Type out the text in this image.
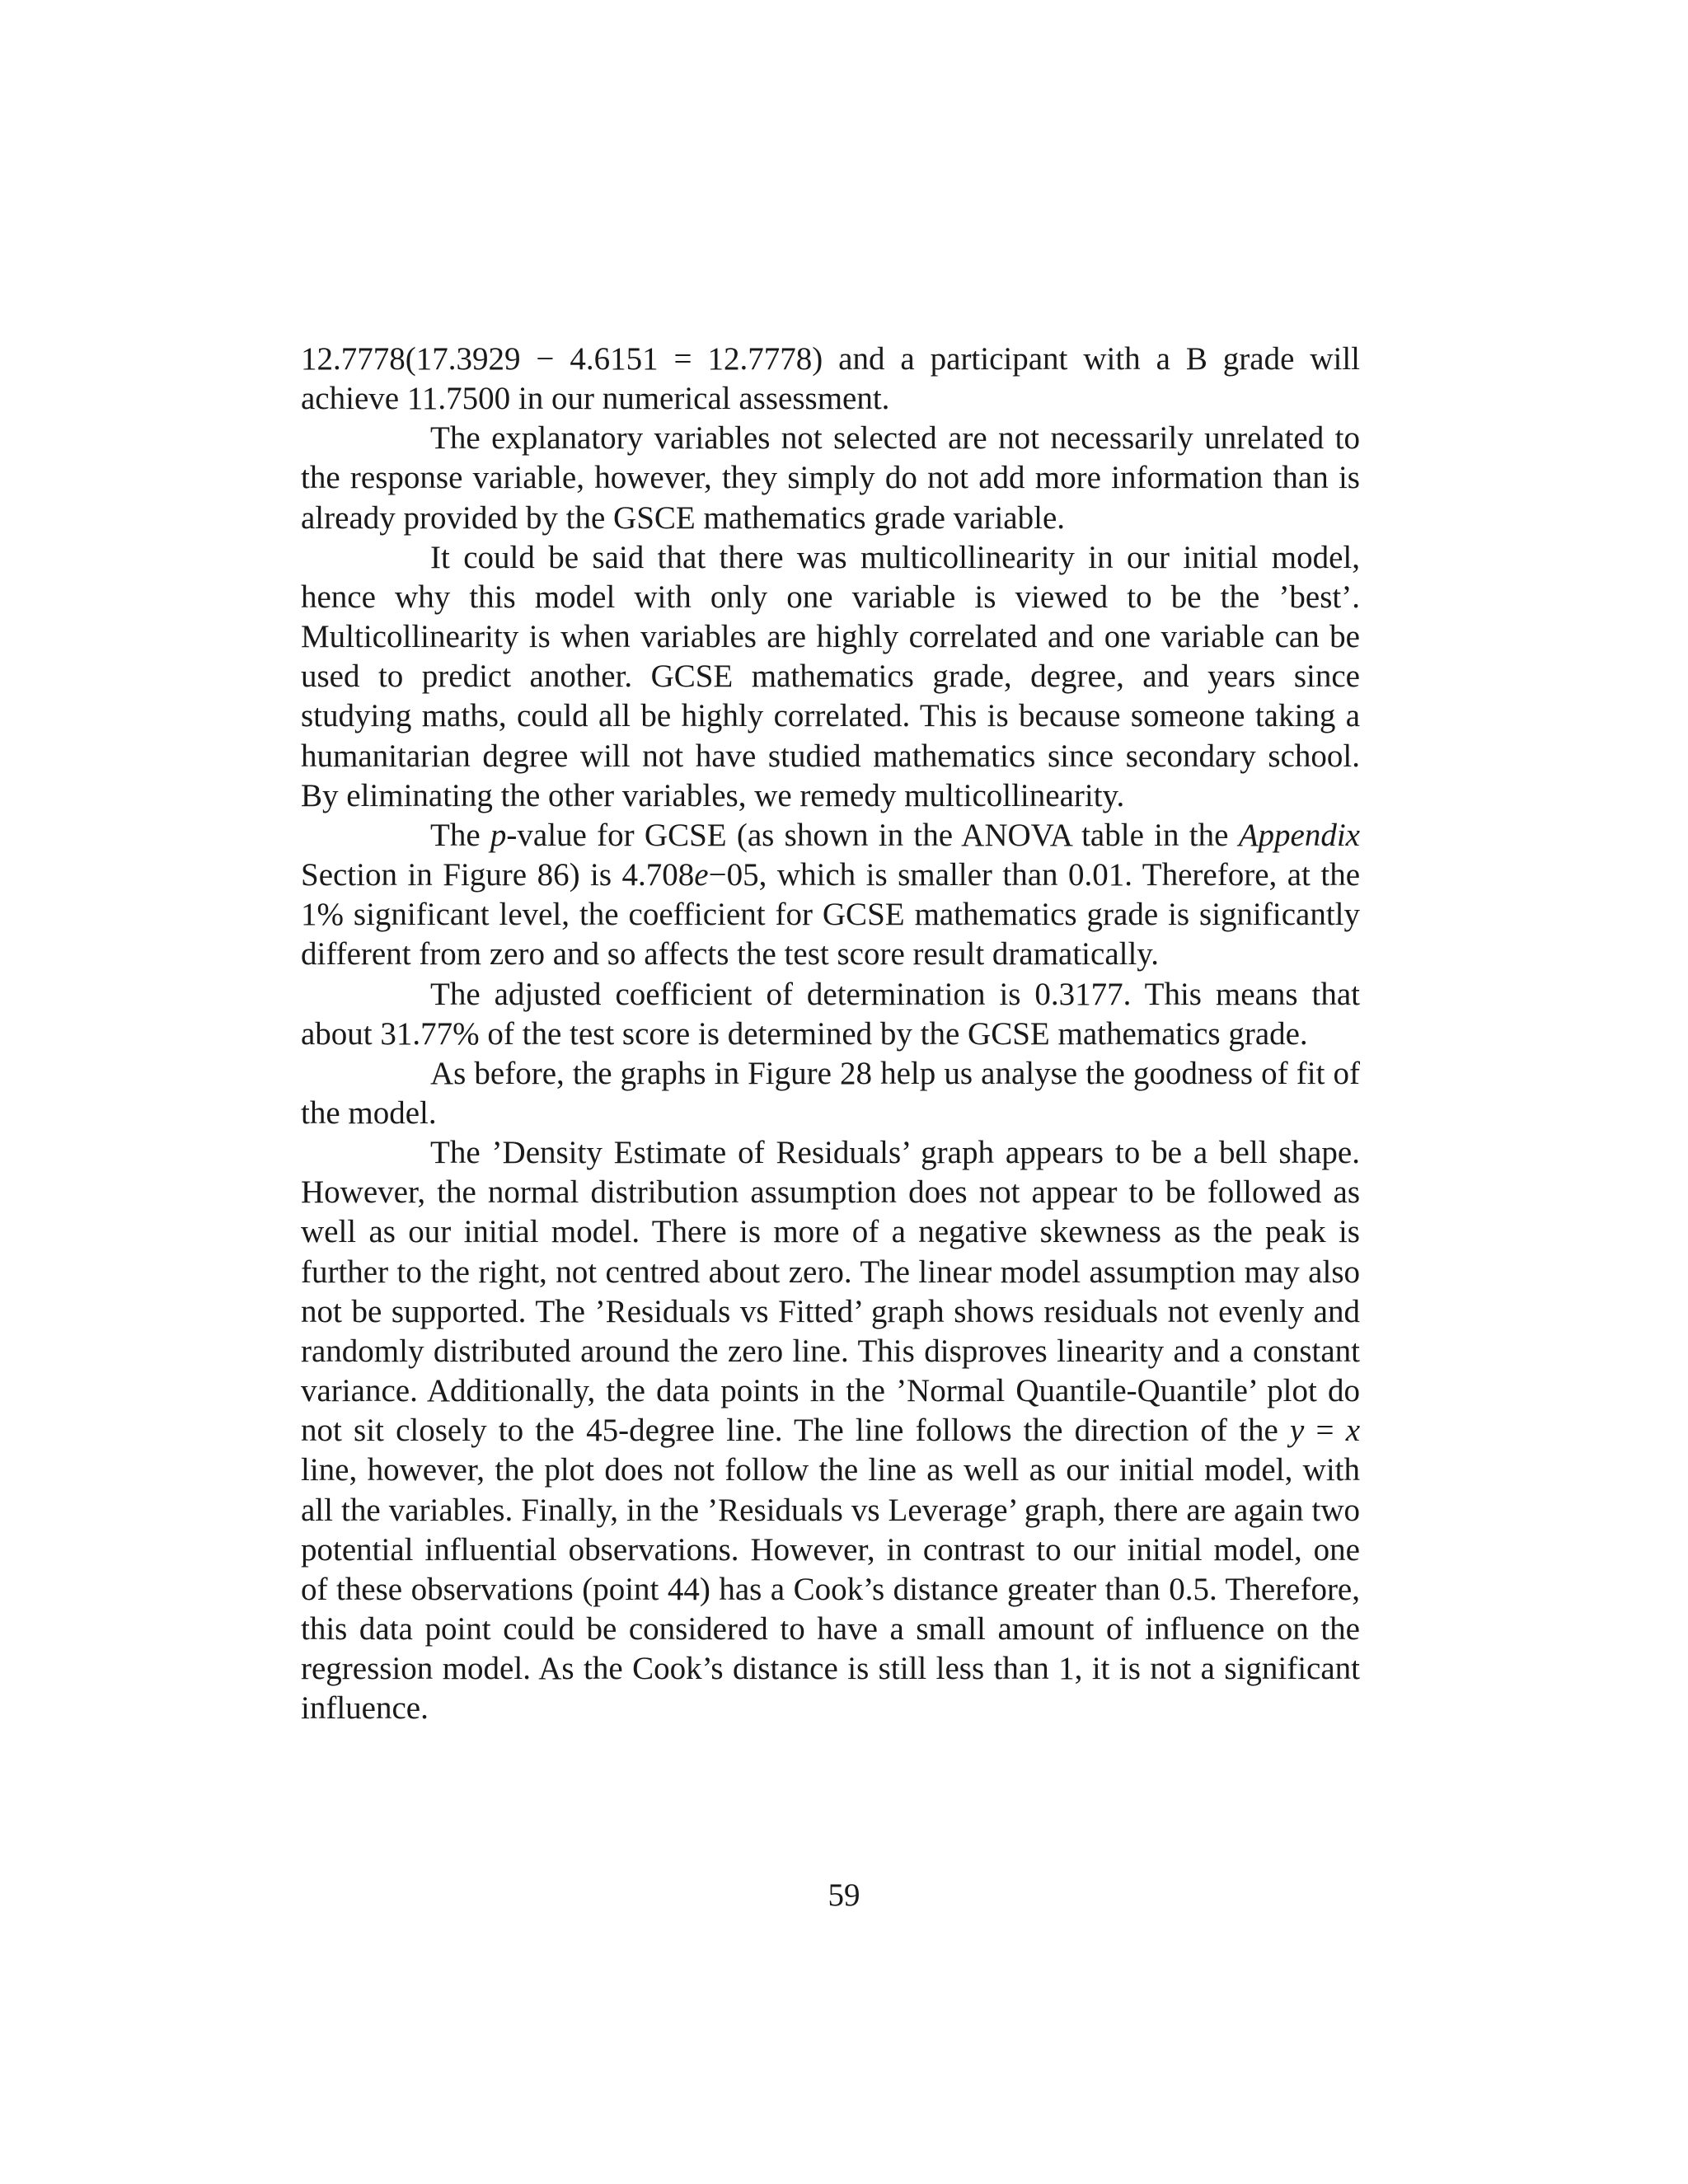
12.7778(17.3929 − 4.6151 = 12.7778) and a participant with a B grade will achieve 11.7500 in our numerical assessment.

The explanatory variables not selected are not necessarily unrelated to the response variable, however, they simply do not add more information than is already provided by the GSCE mathematics grade variable.

It could be said that there was multicollinearity in our initial model, hence why this model with only one variable is viewed to be the ’best’. Multicollinearity is when variables are highly correlated and one variable can be used to predict another. GCSE mathematics grade, degree, and years since studying maths, could all be highly correlated. This is because someone taking a humanitarian degree will not have studied mathematics since secondary school. By eliminating the other variables, we remedy multicollinearity.

The p-value for GCSE (as shown in the ANOVA table in the Appendix Section in Figure 86) is 4.708e−05, which is smaller than 0.01. Therefore, at the 1% significant level, the coefficient for GCSE mathematics grade is significantly different from zero and so affects the test score result dramatically.

The adjusted coefficient of determination is 0.3177. This means that about 31.77% of the test score is determined by the GCSE mathematics grade.

As before, the graphs in Figure 28 help us analyse the goodness of fit of the model.

The ’Density Estimate of Residuals’ graph appears to be a bell shape. However, the normal distribution assumption does not appear to be followed as well as our initial model. There is more of a negative skewness as the peak is further to the right, not centred about zero. The linear model assumption may also not be supported. The ’Residuals vs Fitted’ graph shows residuals not evenly and randomly distributed around the zero line. This disproves linearity and a constant variance. Additionally, the data points in the ’Normal Quantile-Quantile’ plot do not sit closely to the 45-degree line. The line follows the direction of the y = x line, however, the plot does not follow the line as well as our initial model, with all the variables. Finally, in the ’Residuals vs Leverage’ graph, there are again two potential influential observations. However, in contrast to our initial model, one of these observations (point 44) has a Cook’s distance greater than 0.5. Therefore, this data point could be considered to have a small amount of influence on the regression model. As the Cook’s distance is still less than 1, it is not a significant influence.

59
